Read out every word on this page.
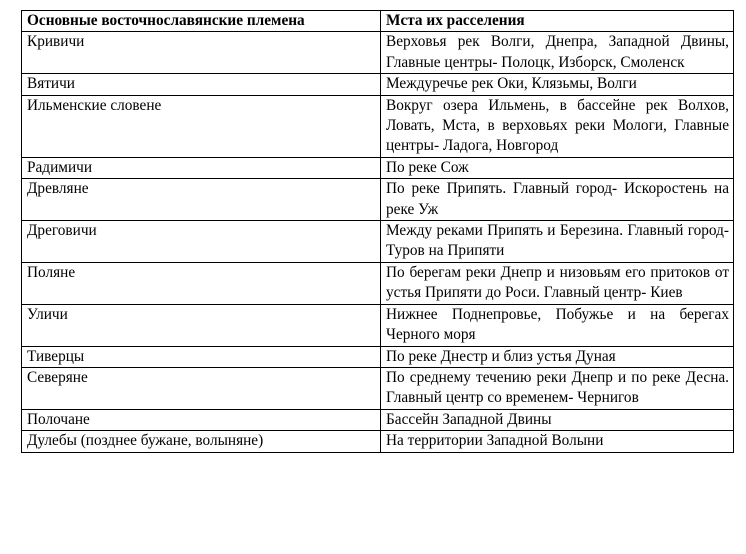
Основные восточнославянские племена	Мста их расселения
Кривичи	Верховья рек Волги, Днепра, Западной Двины, Главные центры- Полоцк, Изборск, Смоленск
Вятичи	Междуречье рек Оки, Клязьмы, Волги
Ильменские словене	Вокруг озера Ильмень, в бассейне рек Волхов, Ловать, Мста, в верховьях реки Мологи, Главные центры- Ладога, Новгород
Радимичи	По реке Сож
Древляне	По реке Припять. Главный город- Искоростень на реке Уж
Дреговичи	Между реками Припять и Березина. Главный город- Туров на Припяти
Поляне	По берегам реки Днепр и низовьям его притоков от устья Припяти до Роси. Главный центр- Киев
Уличи	Нижнее Поднепровье, Побужье и на берегах Черного моря
Тиверцы	По реке Днестр и близ устья Дуная
Северяне	По среднему течению реки Днепр и по реке Десна. Главный центр со временем- Чернигов
Полочане	Бассейн Западной Двины
Дулебы (позднее бужане, волыняне)	На территории Западной Волыни
